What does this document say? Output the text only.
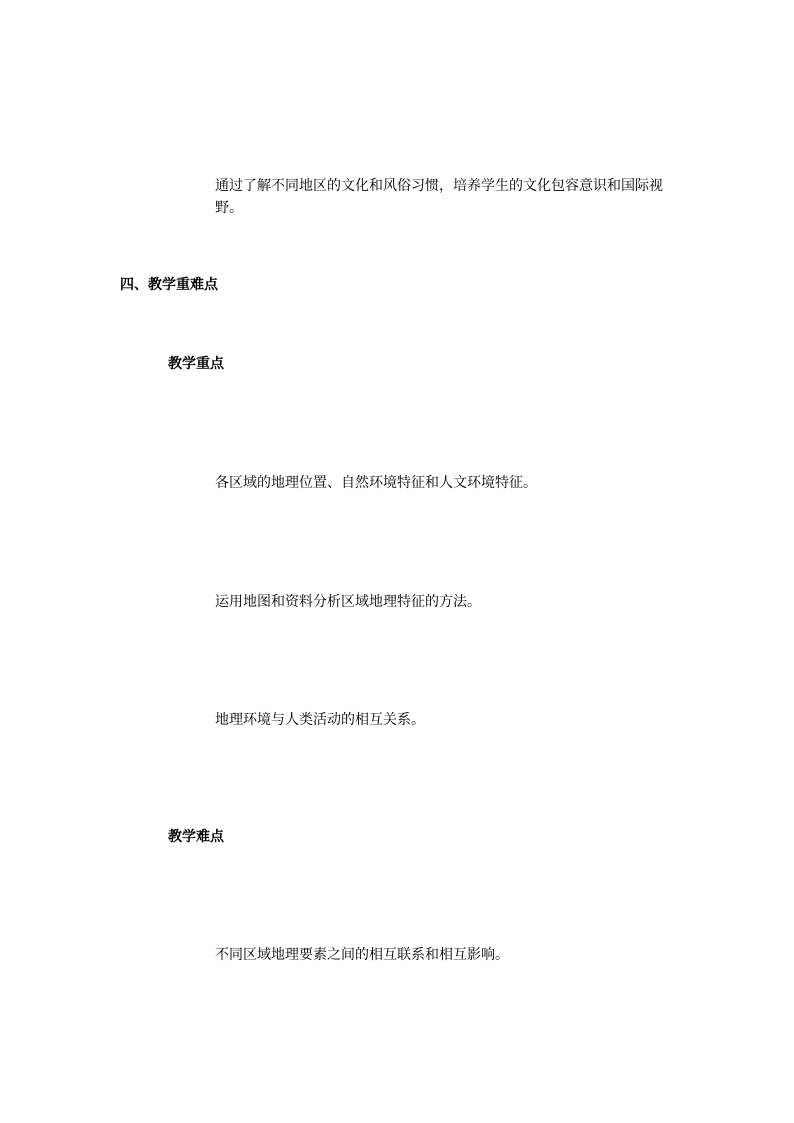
通过了解不同地区的文化和风俗习惯，培养学生的文化包容意识和国际视野。

四、教学重难点
教学重点
各区域的地理位置、自然环境特征和人文环境特征。
运用地图和资料分析区域地理特征的方法。
地理环境与人类活动的相互关系。
教学难点
不同区域地理要素之间的相互联系和相互影响。
